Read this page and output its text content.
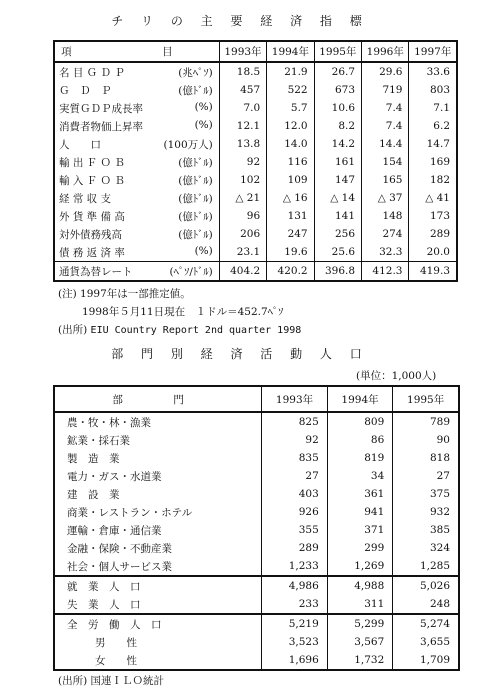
チ リ の 主 要 経 済 指 標
項　目	1993年	1994年	1995年	1996年	1997年
名 目 Ｇ Ｄ Ｐ (兆ﾍﾟｿ)	18.5	21.9	26.7	29.6	33.6
Ｇ　Ｄ　Ｐ (億ﾄﾞﾙ)	457	522	673	719	803
実質ＧＤＰ成長率 (%)	7.0	5.7	10.6	7.4	7.1
消費者物価上昇率 (%)	12.1	12.0	8.2	7.4	6.2
人　　口 (100万人)	13.8	14.0	14.2	14.4	14.7
輸 出 Ｆ Ｏ Ｂ (億ﾄﾞﾙ)	92	116	161	154	169
輸 入 Ｆ Ｏ Ｂ (億ﾄﾞﾙ)	102	109	147	165	182
経 常 収 支 (億ﾄﾞﾙ)	△ 21	△ 16	△ 14	△ 37	△ 41
外 貨 準 備 高 (億ﾄﾞﾙ)	96	131	141	148	173
対外債務残高 (億ﾄﾞﾙ)	206	247	256	274	289
債 務 返 済 率 (%)	23.1	19.6	25.6	32.3	20.0
通貨為替レート (ﾍﾟｿ/ﾄﾞﾙ)	404.2	420.2	396.8	412.3	419.3
(注) 1997年は一部推定値。
1998年５月11日現在　１ドル＝452.7ﾍﾟｿ
(出所) EIU Country Report 2nd quarter 1998
部 門 別 経 済 活 動 人 口
(単位：1,000人)
部　門	1993年	1994年	1995年
農・牧・林・漁業	825	809	789
鉱業・採石業	92	86	90
製　造　業	835	819	818
電力・ガス・水道業	27	34	27
建　設　業	403	361	375
商業・レストラン・ホテル	926	941	932
運輸・倉庫・通信業	355	371	385
金融・保険・不動産業	289	299	324
社会・個人サービス業	1,233	1,269	1,285
就　業　人　口	4,986	4,988	5,026
失　業　人　口	233	311	248
全　労　働　人　口	5,219	5,299	5,274
男　　性	3,523	3,567	3,655
女　　性	1,696	1,732	1,709
(出所) 国連ＩＬＯ統計
